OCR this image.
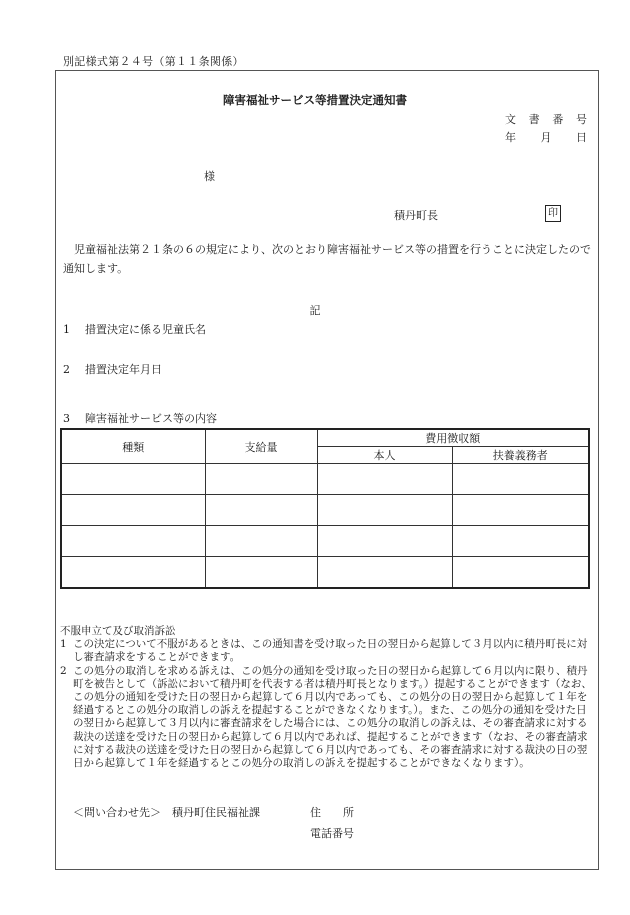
別記様式第２４号（第１１条関係）
障害福祉サービス等措置決定通知書
文 書 番 号
年 月 日
様
積丹町長	印
児童福祉法第２１条の６の規定により、次のとおり障害福祉サービス等の措置を行うことに決定したので通知します。
記
1 措置決定に係る児童氏名
2 措置決定年月日
3 障害福祉サービス等の内容
種類	支給量	費用徴収額	
		本人	扶養義務者

不服申立て及び取消訴訟
1 この決定について不服があるときは、この通知書を受け取った日の翌日から起算して３月以内に積丹町長に対し審査請求をすることができます。
2 この処分の取消しを求める訴えは、この処分の通知を受け取った日の翌日から起算して６月以内に限り、積丹町を被告として（訴訟において積丹町を代表する者は積丹町長となります。）提起することができます（なお、この処分の通知を受けた日の翌日から起算して６月以内であっても、この処分の日の翌日から起算して１年を経過するとこの処分の取消しの訴えを提起することができなくなります。）。また、この処分の通知を受けた日の翌日から起算して３月以内に審査請求をした場合には、この処分の取消しの訴えは、その審査請求に対する裁決の送達を受けた日の翌日から起算して６月以内であれば、提起することができます（なお、その審査請求に対する裁決の送達を受けた日の翌日から起算して６月以内であっても、その審査請求に対する裁決の日の翌日から起算して１年を経過するとこの処分の取消しの訴えを提起することができなくなります）。
＜問い合わせ先＞　積丹町住民福祉課	住　　所
電話番号
